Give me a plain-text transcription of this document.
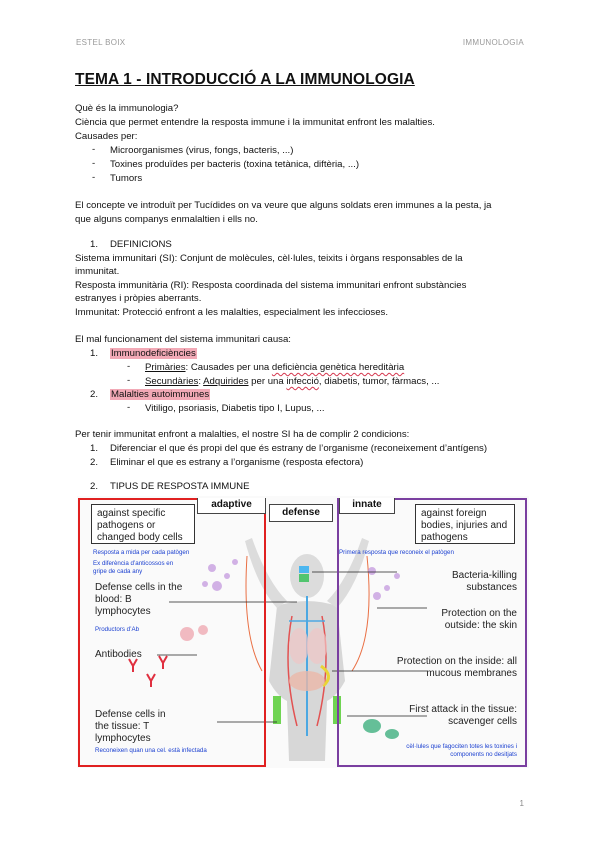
ESTEL BOIX	IMMUNOLOGIA
TEMA 1 - INTRODUCCIÓ A LA IMMUNOLOGIA
Què és la immunologia?
Ciència que permet entendre la resposta immune i la immunitat enfront les malalties.
Causades per:
- Microorganismes (virus, fongs, bacteris, ...)
- Toxines produïdes per bacteris (toxina tetànica, diftèria, ...)
- Tumors
El concepte ve introduït per Tucídides on va veure que alguns soldats eren immunes a la pesta, ja
que alguns companys enmalaltien i ells no.
1. DEFINICIONS
Sistema immunitari (SI): Conjunt de molècules, cèl·lules, teixits i òrgans responsables de la
immunitat.
Resposta immunitària (RI): Resposta coordinada del sistema immunitari enfront substàncies
estranyes i pròpies aberrants.
Immunitat: Protecció enfront a les malalties, especialment les infeccioses.
El mal funcionament del sistema immunitari causa:
1. Immunodeficiències
- Primàries: Causades per una deficiència genètica hereditària
- Secundàries: Adquirides per una infecció, diabetis, tumor, fàrmacs, ...
2. Malalties autoimmunes
- Vitiligo, psoriasis, Diabetis tipo I, Lupus, ...
Per tenir immunitat enfront a malalties, el nostre SI ha de complir 2 condicions:
1. Diferenciar el que és propi del que és estrany de l’organisme (reconeixement d’antígens)
2. Eliminar el que es estrany a l’organisme (resposta efectora)
2. TIPUS DE RESPOSTA IMMUNE
adaptive
defense
innate
against specific pathogens or changed body cells
against foreign bodies, injuries and pathogens
Resposta a mida per cada patògen
Ex diferència d’anticossos en gripe de cada any
Primera resposta que reconeix el patògen
Defense cells in the blood: B lymphocytes
Productors d’Ab
Antibodies
Defense cells in the tissue: T lymphocytes
Reconeixen quan una cel. està infectada
Bacteria-killing substances
Protection on the outside: the skin
Protection on the inside: all mucous membranes
First attack in the tissue: scavenger cells
cèl·lules que fagociten totes les toxines i components no desitjats
1
